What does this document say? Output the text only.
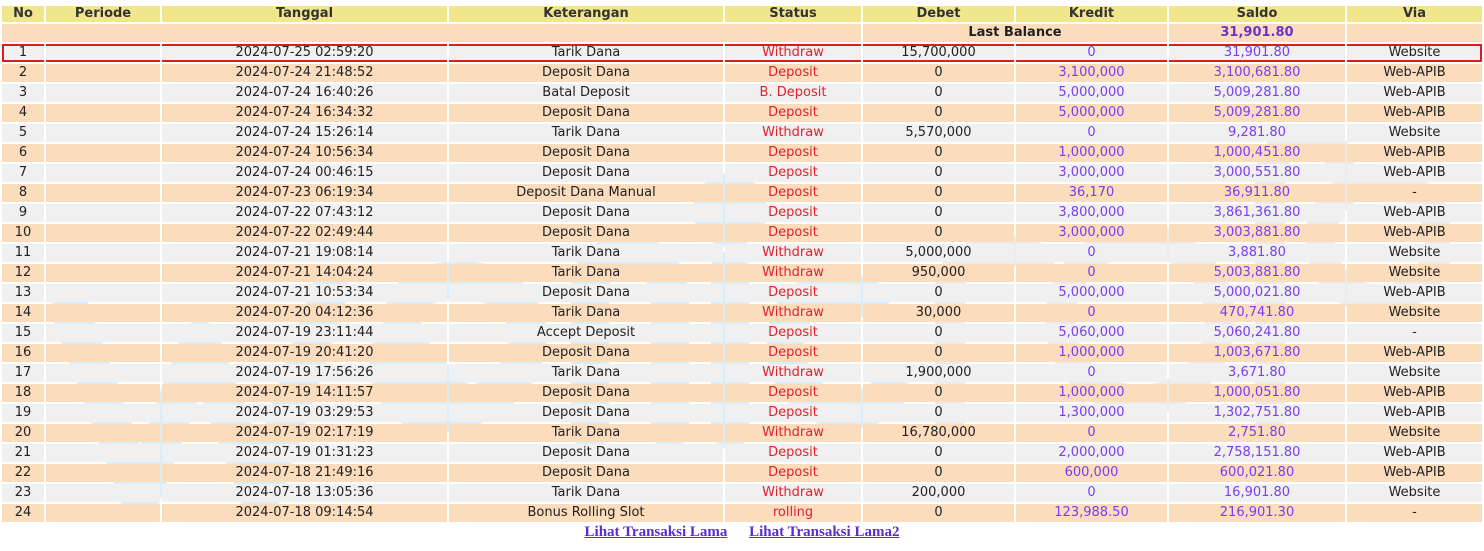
No	Periode	Tanggal	Keterangan	Status	Debet	Kredit	Saldo	Via
					Last Balance		31,901.80	
1		2024-07-25 02:59:20	Tarik Dana	Withdraw	15,700,000	0	31,901.80	Website
2		2024-07-24 21:48:52	Deposit Dana	Deposit	0	3,100,000	3,100,681.80	Web-APIB
3		2024-07-24 16:40:26	Batal Deposit	B. Deposit	0	5,000,000	5,009,281.80	Web-APIB
4		2024-07-24 16:34:32	Deposit Dana	Deposit	0	5,000,000	5,009,281.80	Web-APIB
5		2024-07-24 15:26:14	Tarik Dana	Withdraw	5,570,000	0	9,281.80	Website
6		2024-07-24 10:56:34	Deposit Dana	Deposit	0	1,000,000	1,000,451.80	Web-APIB
7		2024-07-24 00:46:15	Deposit Dana	Deposit	0	3,000,000	3,000,551.80	Web-APIB
8		2024-07-23 06:19:34	Deposit Dana Manual	Deposit	0	36,170	36,911.80	-
9		2024-07-22 07:43:12	Deposit Dana	Deposit	0	3,800,000	3,861,361.80	Web-APIB
10		2024-07-22 02:49:44	Deposit Dana	Deposit	0	3,000,000	3,003,881.80	Web-APIB
11		2024-07-21 19:08:14	Tarik Dana	Withdraw	5,000,000	0	3,881.80	Website
12		2024-07-21 14:04:24	Tarik Dana	Withdraw	950,000	0	5,003,881.80	Website
13		2024-07-21 10:53:34	Deposit Dana	Deposit	0	5,000,000	5,000,021.80	Web-APIB
14		2024-07-20 04:12:36	Tarik Dana	Withdraw	30,000	0	470,741.80	Website
15		2024-07-19 23:11:44	Accept Deposit	Deposit	0	5,060,000	5,060,241.80	-
16		2024-07-19 20:41:20	Deposit Dana	Deposit	0	1,000,000	1,003,671.80	Web-APIB
17		2024-07-19 17:56:26	Tarik Dana	Withdraw	1,900,000	0	3,671.80	Website
18		2024-07-19 14:11:57	Deposit Dana	Deposit	0	1,000,000	1,000,051.80	Web-APIB
19		2024-07-19 03:29:53	Deposit Dana	Deposit	0	1,300,000	1,302,751.80	Web-APIB
20		2024-07-19 02:17:19	Tarik Dana	Withdraw	16,780,000	0	2,751.80	Website
21		2024-07-19 01:31:23	Deposit Dana	Deposit	0	2,000,000	2,758,151.80	Web-APIB
22		2024-07-18 21:49:16	Deposit Dana	Deposit	0	600,000	600,021.80	Web-APIB
23		2024-07-18 13:05:36	Tarik Dana	Withdraw	200,000	0	16,901.80	Website
24		2024-07-18 09:14:54	Bonus Rolling Slot	rolling	0	123,988.50	216,901.30	-
Lihat Transaksi Lama Lihat Transaksi Lama2
